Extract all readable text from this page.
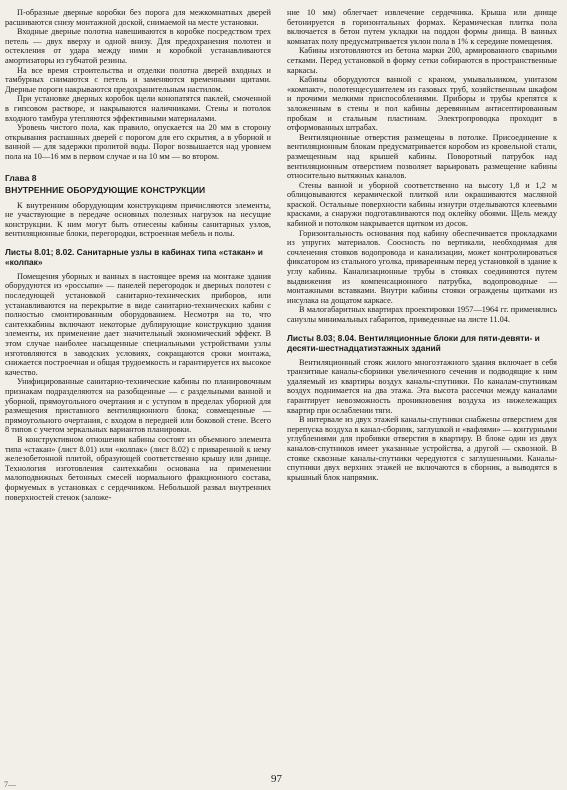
П-образные дверные коробки без порога для межкомнатных дверей расшиваются снизу монтажной доской, снимаемой на месте установки.

Входные дверные полотна навешиваются в коробке посредством трех петель — двух вверху и одной внизу. Для предохранения полотен и остекления от удара между ними и коробкой устанавливаются амортизаторы из губчатой резины.

На все время строительства и отделки полотна дверей входных и тамбурных снимаются с петель и заменяются временными щитами. Дверные пороги накрываются предохранительным настилом.

При установке дверных коробок щели конопатятся паклей, смоченной в гипсовом растворе, и накрываются наличниками. Стены и потолок входного тамбура утепляются эффективными материалами.

Уровень чистого пола, как правило, опускается на 20 мм в сторону открывания распашных дверей с порогом для его скрытия, а в уборной и ванной — для задержки пролитой воды. Порог возвышается над уровнем пола на 10—16 мм в первом случае и на 10 мм — во втором.

Глава 8
ВНУТРЕННИЕ ОБОРУДУЮЩИЕ КОНСТРУКЦИИ

К внутренним оборудующим конструкциям причисляются элементы, не участвующие в передаче основных полезных нагрузок на несущие конструкции. К ним могут быть отнесены кабины санитарных узлов, вентиляционные блоки, перегородки, встроенная мебель и полы.

Листы 8.01; 8.02. Санитарные узлы в кабинах типа «стакан» и «колпак»

Помещения уборных и ванных в настоящее время на монтаже здания оборудуются из «россыпи» — панелей перегородок и дверных полотен с последующей установкой санитарно-технических приборов, или устанавливаются на перекрытие в виде санитарно-технических кабин с полностью смонтированным оборудованием. Несмотря на то, что сантехкабины включают некоторые дублирующие конструкцию здания элементы, их применение дает значительный экономический эффект. В этом случае наиболее насыщенные специальными устройствами узлы изготовляются в заводских условиях, сокращаются сроки монтажа, снижается построечная и общая трудоемкость и гарантируется их высокое качество.

Унифицированные санитарно-технические кабины по планировочным признакам подразделяются на разобщенные — с раздельными ванной и уборной, прямоугольного очертания и с уступом в пределах уборной для размещения приставного вентиляционного блока; совмещенные — прямоугольного очертания, с входом в передней или боковой стене. Всего 8 типов с учетом зеркальных вариантов планировки.

В конструктивном отношении кабины состоят из объемного элемента типа «стакан» (лист 8.01) или «колпак» (лист 8.02) с привaренной к нему железобетонной плитой, образующей соответственно крышу или днище. Технология изготовления сантехкабин основана на применении малоподвижных бетонных смесей нормального фракционного состава, формуемых в установках с сердечником. Небольшой развал внутренних поверхностей стенок (заложе-

ние 10 мм) облегчает извлечение сердечника. Крыша или днище бетонируется в горизонтальных формах. Керамическая плитка пола включается в бетон путем укладки на поддон формы днища. В ванных комнатах полу предусматривается уклон пола в 1% к середине помещения.

Кабины изготовляются из бетона марки 200, армированного сварными сетками. Перед установкой в форму сетки собираются в пространственные каркасы.

Кабины оборудуются ванной с краном, умывальником, унитазом «компакт», полотенцесушителем из газовых труб, хозяйственным шкафом и прочими мелкими приспособлениями. Приборы и трубы крепятся к заложенным в стены и пол кабины деревянным антисептированным пробкам и стальным пластинам. Электропроводка проходит в отформованных штрабах.

Вентиляционные отверстия размещены в потолке. Присоединение к вентиляционным блокам предусматривается коробом из кровельной стали, размещенным над крышей кабины. Поворотный патрубок над вентиляционным отверстием позволяет варьировать размещение кабины относительно вытяжных каналов.

Стены ванной и уборной соответственно на высоту 1,8 и 1,2 м облицовываются керамической плиткой или окрашиваются масляной краской. Остальные поверхности кабины изнутри отделываются клеевыми красками, а снаружи подготавливаются под оклейку обоями. Щель между кабиной и потолком накрывается щитком из досок.

Горизонтальность основания под кабину обеспечивается прокладками из упругих материалов. Соосность по вертикали, необходимая для сочленения стояков водопровода и канализации, может контролироваться фиксатором из стального уголка, приваренным перед установкой в здание к углу кабины. Канализационные трубы в стояках соединяются путем выдвижения из компенсационного патрубка, водопроводные — монтажными вставками. Внутри кабины стояки ограждены щитками из инсулака на дощатом каркасе.

В малогабаритных квартирах проектировки 1957—1964 гг. применялись санузлы минимальных габаритов, приведенные на листе 11.04.

Листы 8.03; 8.04. Вентиляционные блоки для пяти-девяти- и десяти-шестнадцатиэтажных зданий

Вентиляционный стояк жилого многоэтажного здания включает в себя транзитные каналы-сборники увеличенного сечения и подводящие к ним удаляемый из квартиры воздух каналы-спутники. По каналам-спутникам воздух поднимается на два этажа. Эта высота рассечки между каналами гарантирует невозможность проникновения воздуха из нижележащих квартир при ослаблении тяги.

В интервале из двух этажей каналы-спутники снабжены отверстием для перепуска воздуха в канал-сборник, заглушкой и «вафлями» — контурными углублениями для пробивки отверстия в квартиру. В блоке один из двух каналов-спутников имеет указанные устройства, а другой — сквозной. В стояке сквозные каналы-спутники чередуются с заглушенными. Каналы-спутники двух верхних этажей не включаются в сборник, а выводятся в крышный блок напрямик.

97
7—
